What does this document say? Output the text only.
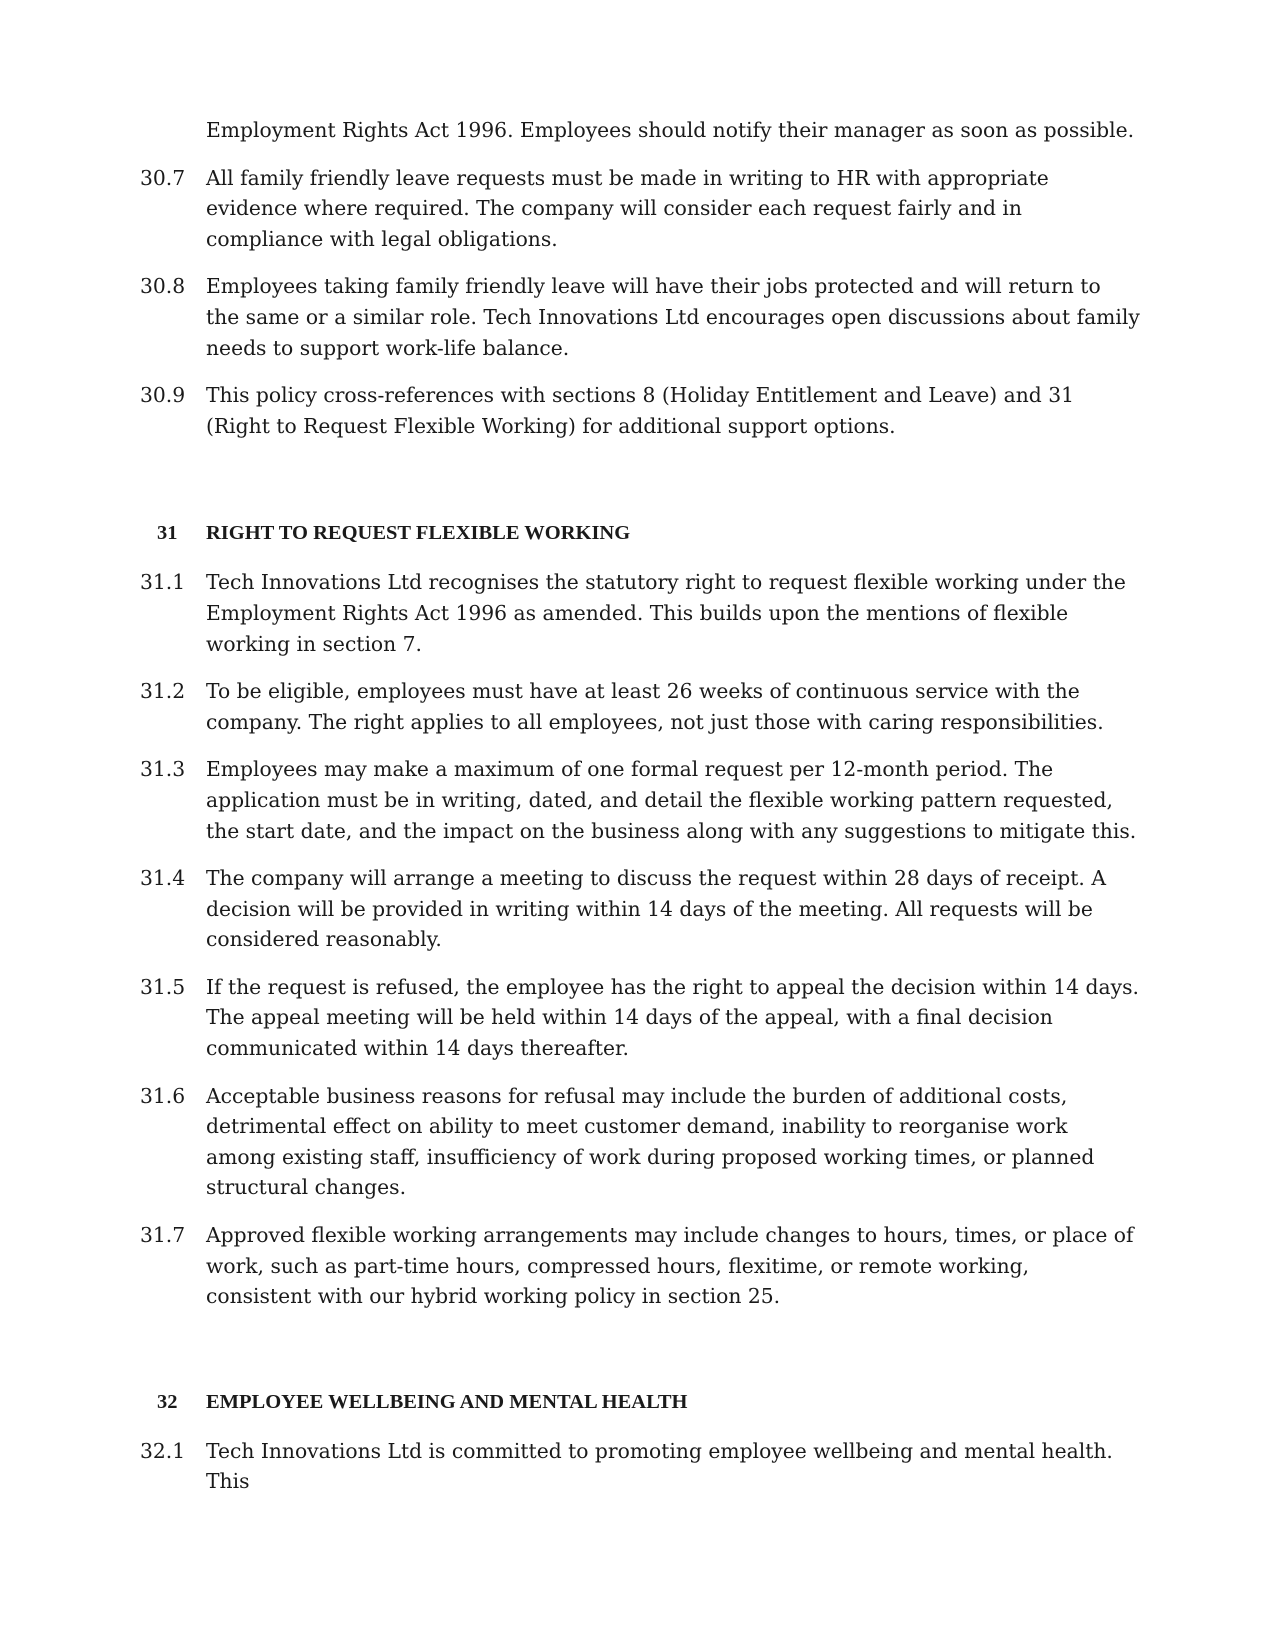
Employment Rights Act 1996. Employees should notify their manager as soon as possible.
30.7	All family friendly leave requests must be made in writing to HR with appropriate evidence where required. The company will consider each request fairly and in compliance with legal obligations.
30.8	Employees taking family friendly leave will have their jobs protected and will return to the same or a similar role. Tech Innovations Ltd encourages open discussions about family needs to support work-life balance.
30.9	This policy cross-references with sections 8 (Holiday Entitlement and Leave) and 31 (Right to Request Flexible Working) for additional support options.
31	RIGHT TO REQUEST FLEXIBLE WORKING
31.1	Tech Innovations Ltd recognises the statutory right to request flexible working under the Employment Rights Act 1996 as amended. This builds upon the mentions of flexible working in section 7.
31.2	To be eligible, employees must have at least 26 weeks of continuous service with the company. The right applies to all employees, not just those with caring responsibilities.
31.3	Employees may make a maximum of one formal request per 12-month period. The application must be in writing, dated, and detail the flexible working pattern requested, the start date, and the impact on the business along with any suggestions to mitigate this.
31.4	The company will arrange a meeting to discuss the request within 28 days of receipt. A decision will be provided in writing within 14 days of the meeting. All requests will be considered reasonably.
31.5	If the request is refused, the employee has the right to appeal the decision within 14 days. The appeal meeting will be held within 14 days of the appeal, with a final decision communicated within 14 days thereafter.
31.6	Acceptable business reasons for refusal may include the burden of additional costs, detrimental effect on ability to meet customer demand, inability to reorganise work among existing staff, insufficiency of work during proposed working times, or planned structural changes.
31.7	Approved flexible working arrangements may include changes to hours, times, or place of work, such as part-time hours, compressed hours, flexitime, or remote working, consistent with our hybrid working policy in section 25.
32	EMPLOYEE WELLBEING AND MENTAL HEALTH
32.1	Tech Innovations Ltd is committed to promoting employee wellbeing and mental health. This
